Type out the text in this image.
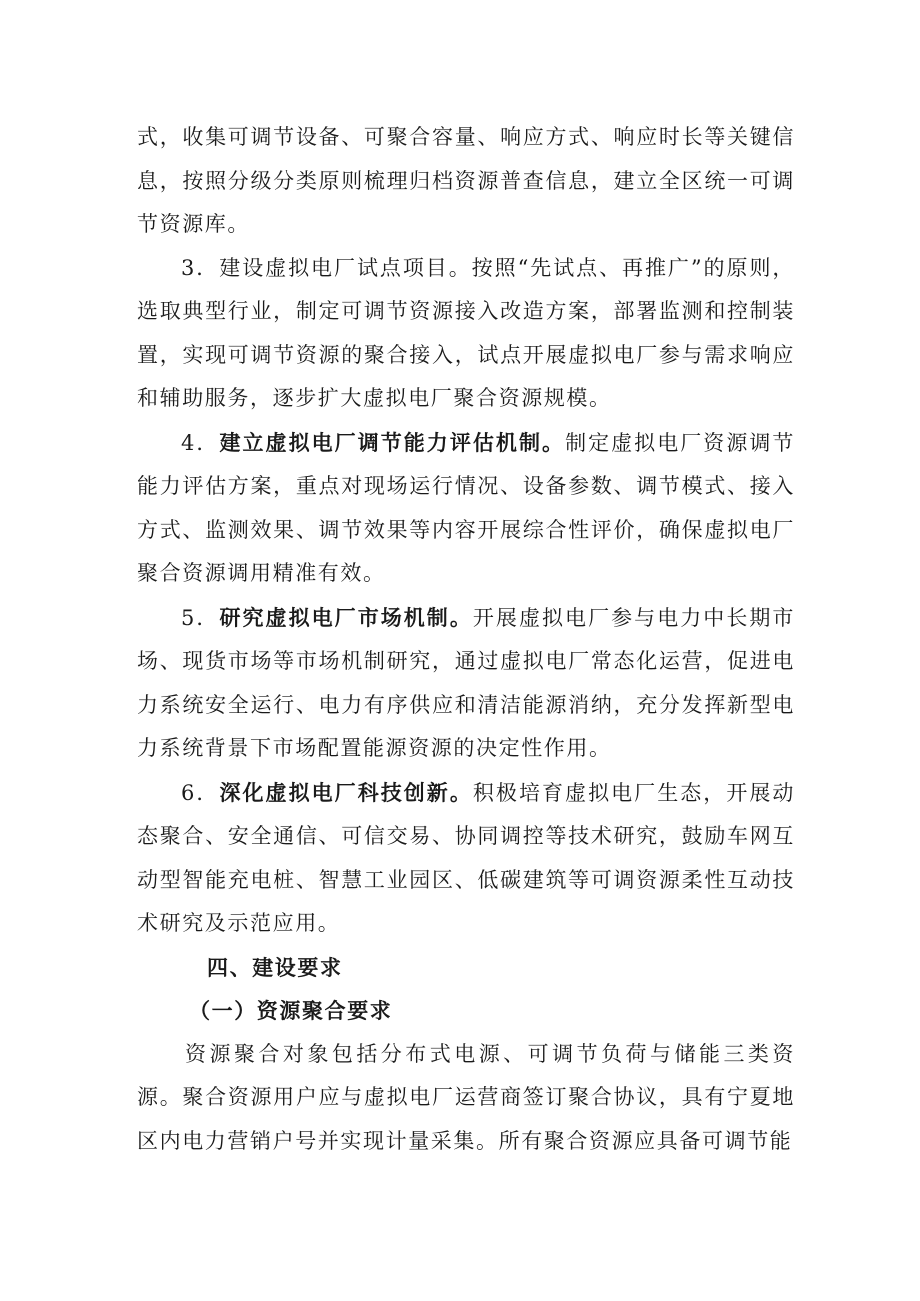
式，收集可调节设备、可聚合容量、响应方式、响应时长等关键信息，按照分级分类原则梳理归档资源普查信息，建立全区统一可调节资源库。

3．建设虚拟电厂试点项目。按照“先试点、再推广”的原则，选取典型行业，制定可调节资源接入改造方案，部署监测和控制装置，实现可调节资源的聚合接入，试点开展虚拟电厂参与需求响应和辅助服务，逐步扩大虚拟电厂聚合资源规模。

4．建立虚拟电厂调节能力评估机制。制定虚拟电厂资源调节能力评估方案，重点对现场运行情况、设备参数、调节模式、接入方式、监测效果、调节效果等内容开展综合性评价，确保虚拟电厂聚合资源调用精准有效。

5．研究虚拟电厂市场机制。开展虚拟电厂参与电力中长期市场、现货市场等市场机制研究，通过虚拟电厂常态化运营，促进电力系统安全运行、电力有序供应和清洁能源消纳，充分发挥新型电力系统背景下市场配置能源资源的决定性作用。

6．深化虚拟电厂科技创新。积极培育虚拟电厂生态，开展动态聚合、安全通信、可信交易、协同调控等技术研究，鼓励车网互动型智能充电桩、智慧工业园区、低碳建筑等可调资源柔性互动技术研究及示范应用。

四、建设要求

（一）资源聚合要求

资源聚合对象包括分布式电源、可调节负荷与储能三类资源。聚合资源用户应与虚拟电厂运营商签订聚合协议，具有宁夏地区内电力营销户号并实现计量采集。所有聚合资源应具备可调节能
